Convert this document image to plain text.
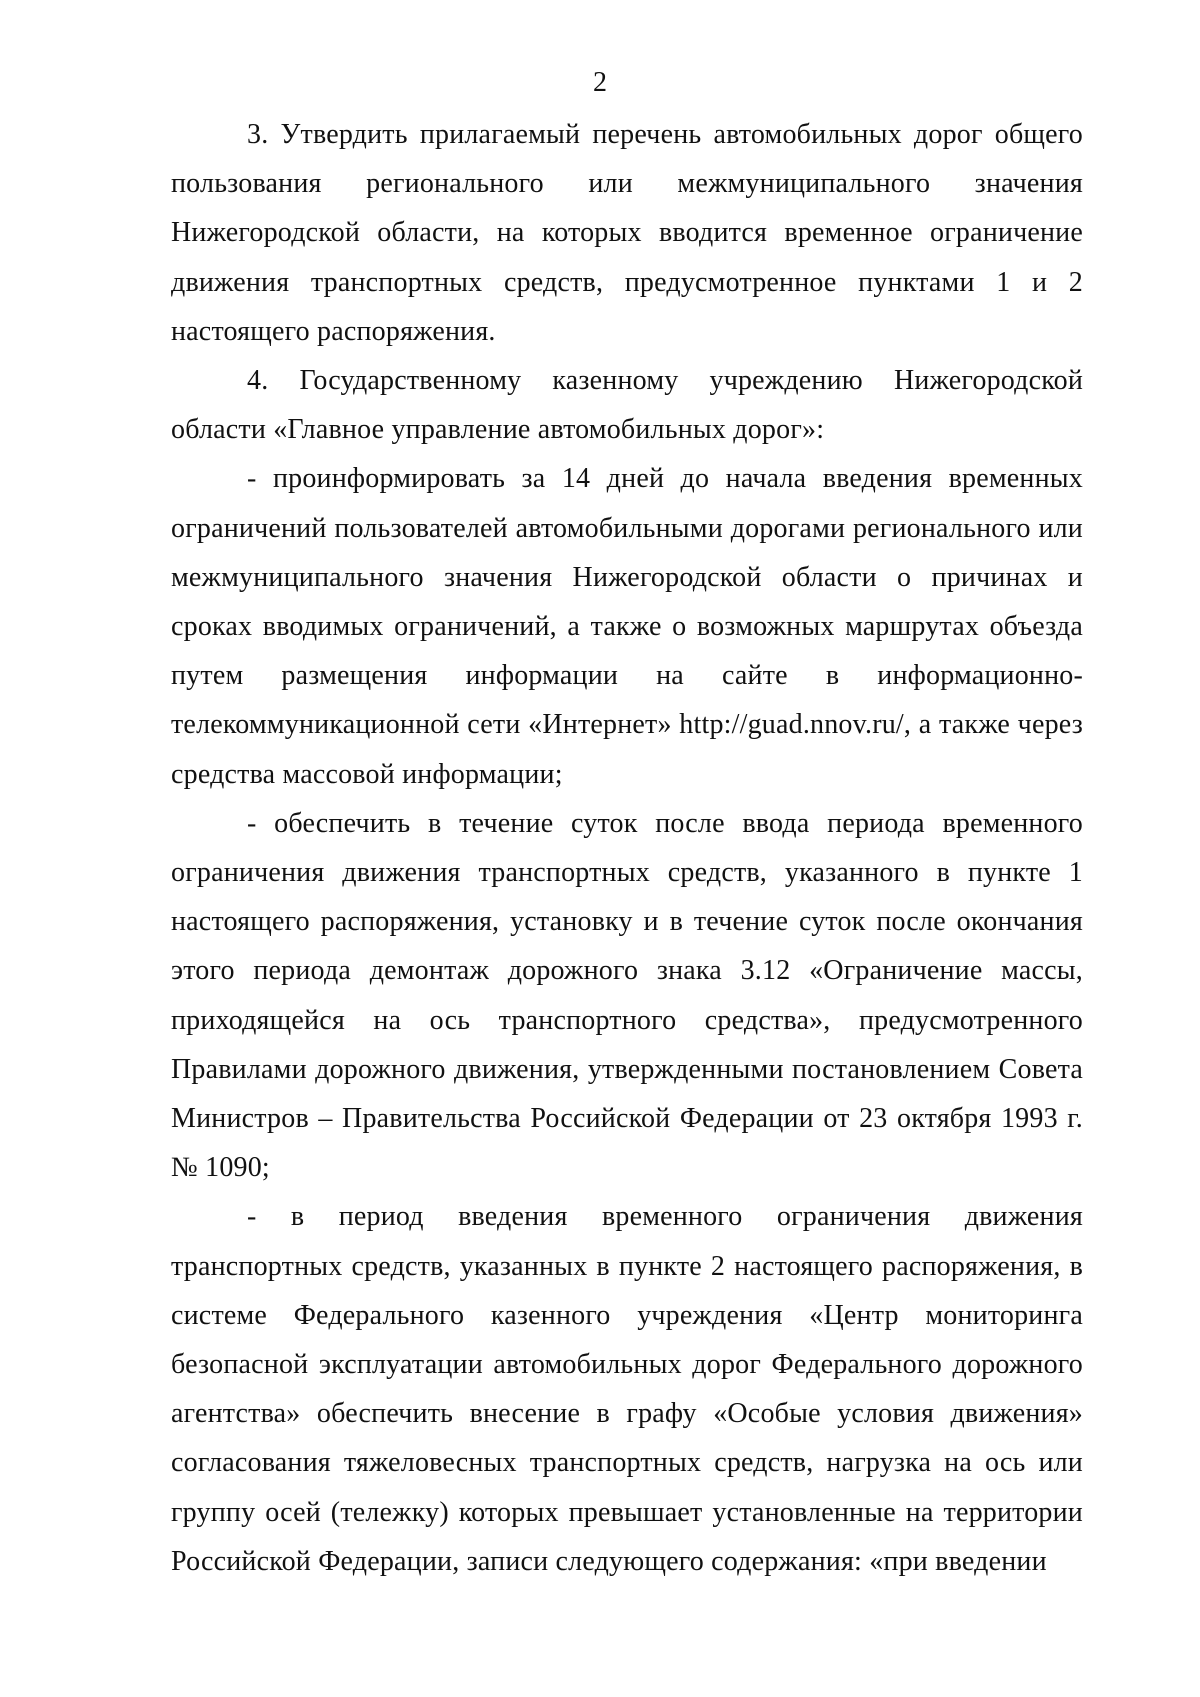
2

3. Утвердить прилагаемый перечень автомобильных дорог общего пользования регионального или межмуниципального значения Нижегородской области, на которых вводится временное ограничение движения транспортных средств, предусмотренное пунктами 1 и 2 настоящего распоряжения.

4. Государственному казенному учреждению Нижегородской области «Главное управление автомобильных дорог»:

- проинформировать за 14 дней до начала введения временных ограничений пользователей автомобильными дорогами регионального или межмуниципального значения Нижегородской области о причинах и сроках вводимых ограничений, а также о возможных маршрутах объезда путем размещения информации на сайте в информационно-телекоммуникационной сети «Интернет» http://guad.nnov.ru/, а также через средства массовой информации;

- обеспечить в течение суток после ввода периода временного ограничения движения транспортных средств, указанного в пункте 1 настоящего распоряжения, установку и в течение суток после окончания этого периода демонтаж дорожного знака 3.12 «Ограничение массы, приходящейся на ось транспортного средства», предусмотренного Правилами дорожного движения, утвержденными постановлением Совета Министров – Правительства Российской Федерации от 23 октября 1993 г. № 1090;

- в период введения временного ограничения движения транспортных средств, указанных в пункте 2 настоящего распоряжения, в системе Федерального казенного учреждения «Центр мониторинга безопасной эксплуатации автомобильных дорог Федерального дорожного агентства» обеспечить внесение в графу «Особые условия движения» согласования тяжеловесных транспортных средств, нагрузка на ось или группу осей (тележку) которых превышает установленные на территории Российской Федерации, записи следующего содержания: «при введении
